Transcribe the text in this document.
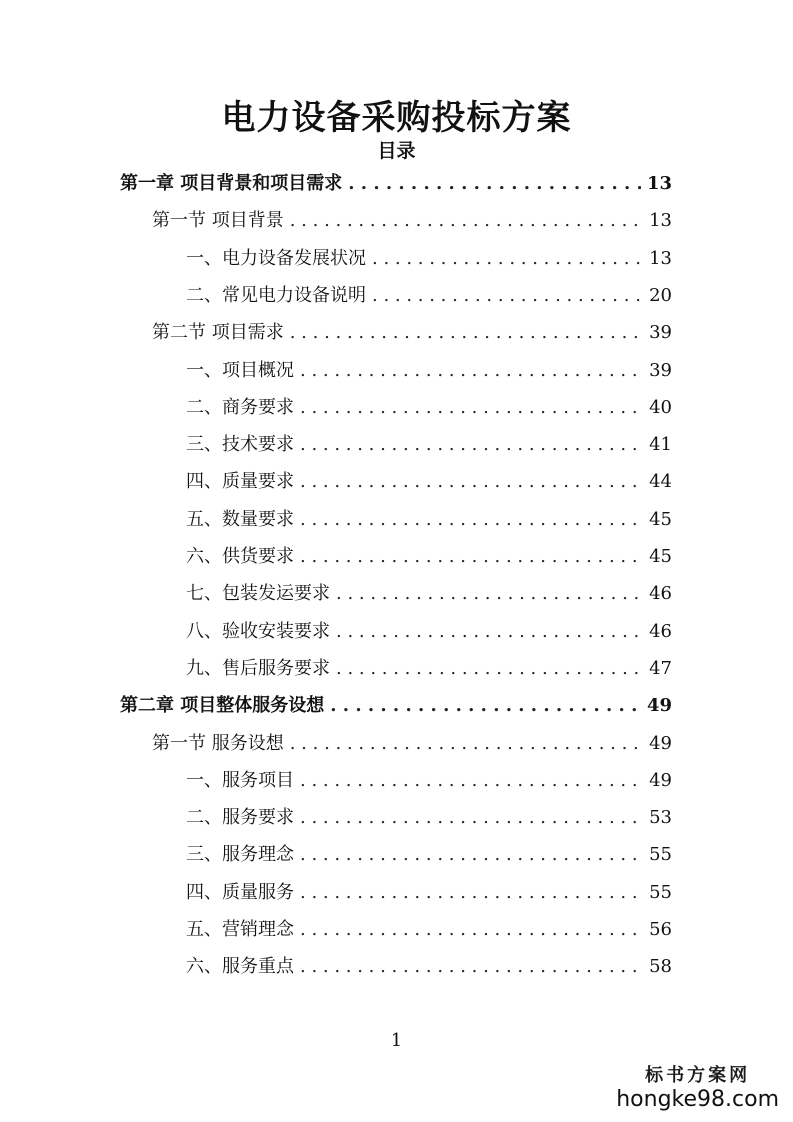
电力设备采购投标方案
目录
第一章 项目背景和项目需求 . . .	13
第一节 项目背景 . . .	13
一、电力设备发展状况 . . .	13
二、常见电力设备说明 . . .	20
第二节 项目需求 . . .	39
一、项目概况 . . .	39
二、商务要求 . . .	40
三、技术要求 . . .	41
四、质量要求 . . .	44
五、数量要求 . . .	45
六、供货要求 . . .	45
七、包装发运要求 . . .	46
八、验收安装要求 . . .	46
九、售后服务要求 . . .	47
第二章 项目整体服务设想 . . .	49
第一节 服务设想 . . .	49
一、服务项目 . . .	49
二、服务要求 . . .	53
三、服务理念 . . .	55
四、质量服务 . . .	55
五、营销理念 . . .	56
六、服务重点 . . .	58
1
标书方案网
hongke98.com
